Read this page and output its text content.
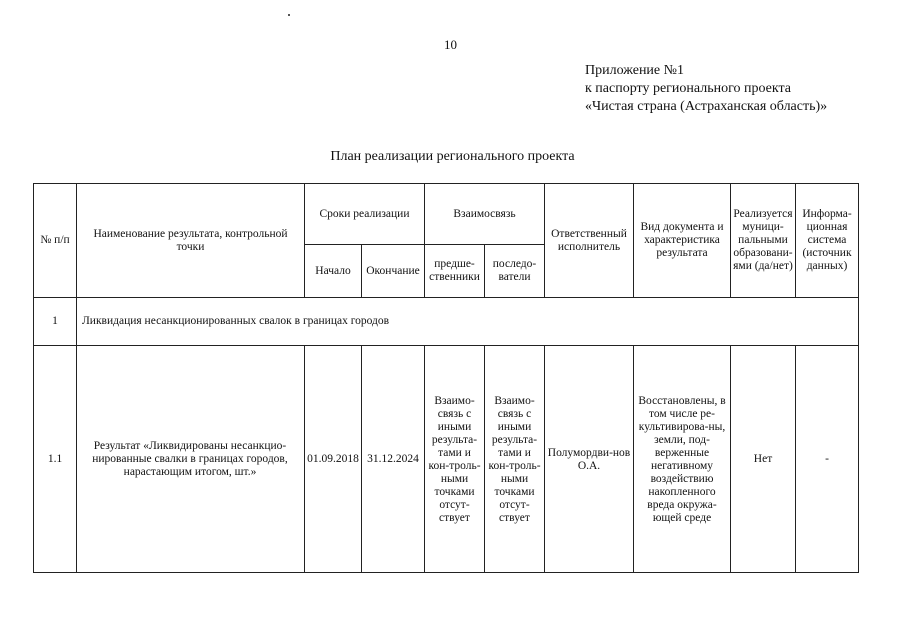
10
Приложение №1
к паспорту регионального проекта
«Чистая страна (Астраханская область)»
План реализации регионального проекта
№ п/п	Наименование результата, контрольной точки	Сроки реализации		Взаимосвязь		Ответственный исполнитель	Вид документа и характеристика результата	Реализуется муници-пальными образовани-ями (да/нет)	Информа-ционная система (источник данных)
		Начало	Окончание	предше-ственники	последо-ватели				
1	Ликвидация несанкционированных свалок в границах городов								
1.1	Результат «Ликвидированы несанкцио-нированные свалки в границах городов, нарастающим итогом, шт.»	01.09.2018	31.12.2024	Взаимо-связь с иными результа-тами и кон-троль-ными точками отсут-ствует	Взаимо-связь с иными результа-тами и кон-троль-ными точками отсут-ствует	Полумордви-нов О.А.	Восстановлены, в том числе ре-культивирова-ны, земли, под-верженные негативному воздействию накопленного вреда окружа-ющей среде	Нет	-
